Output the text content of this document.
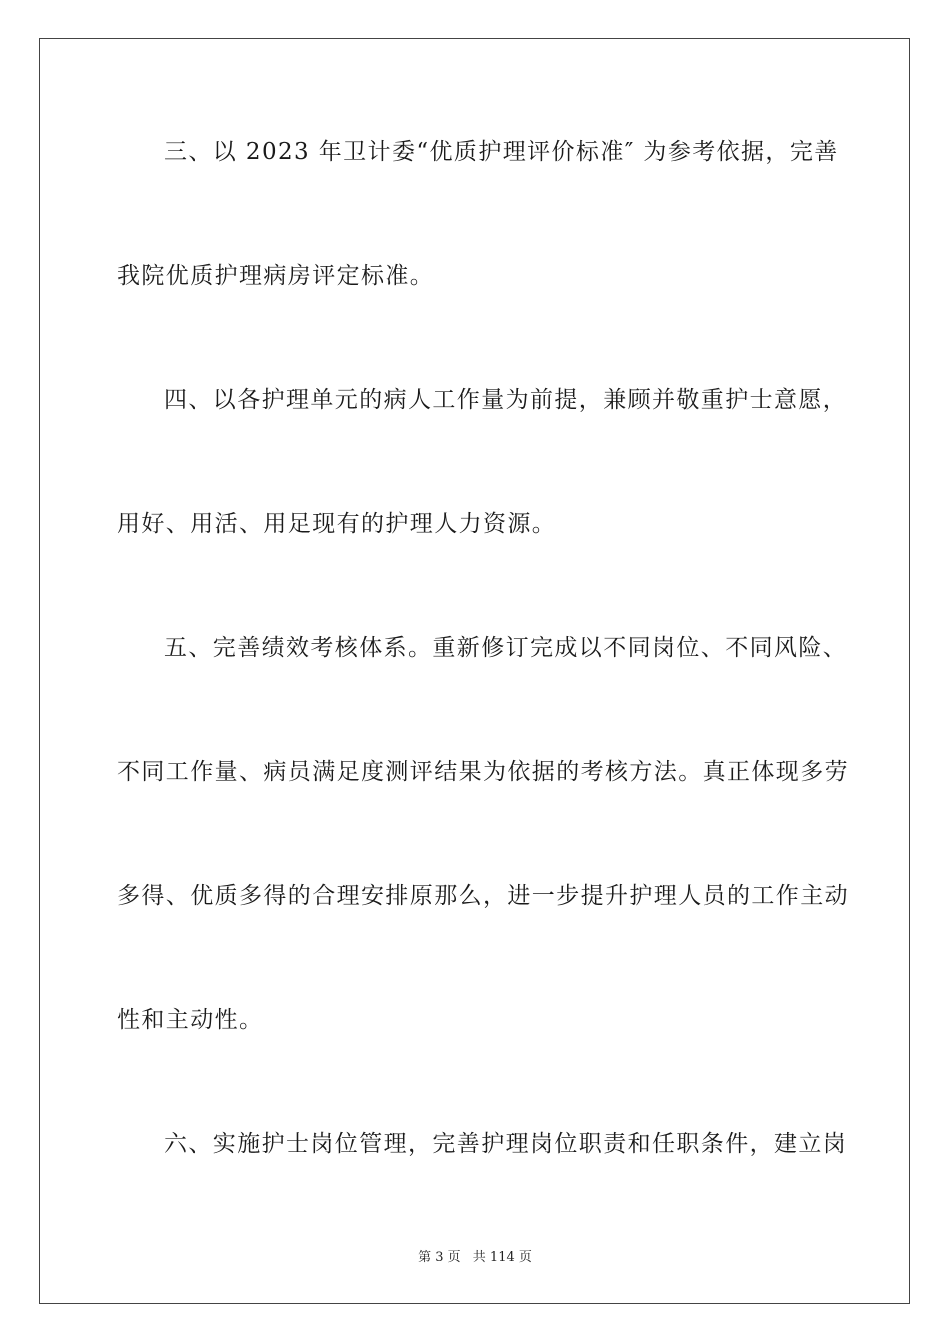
三、以 2023 年卫计委“优质护理评价标准″ 为参考依据，完善
我院优质护理病房评定标准。
四、以各护理单元的病人工作量为前提，兼顾并敬重护士意愿，
用好、用活、用足现有的护理人力资源。
五、完善绩效考核体系。重新修订完成以不同岗位、不同风险、
不同工作量、病员满足度测评结果为依据的考核方法。真正体现多劳
多得、优质多得的合理安排原那么，进一步提升护理人员的工作主动
性和主动性。
六、实施护士岗位管理，完善护理岗位职责和任职条件，建立岗
第 3 页 共 114 页
